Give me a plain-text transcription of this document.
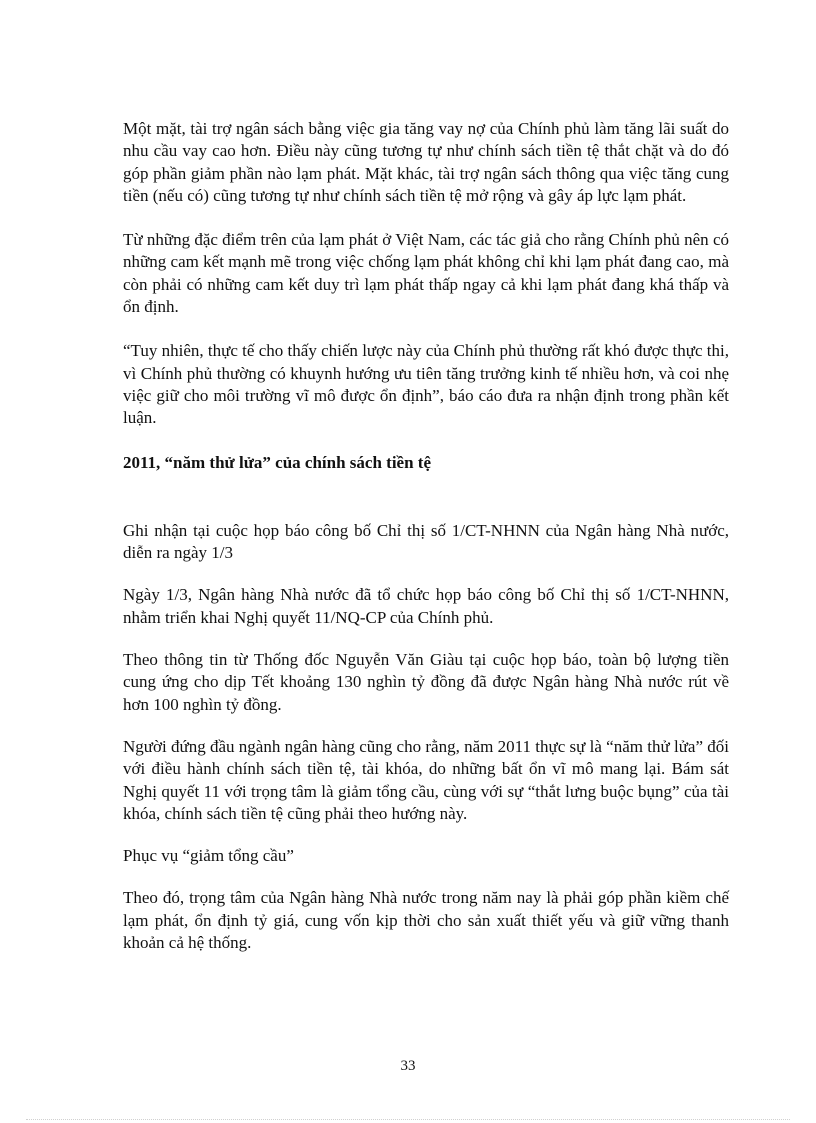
Một mặt, tài trợ ngân sách bằng việc gia tăng vay nợ của Chính phủ làm tăng lãi suất do nhu cầu vay cao hơn. Điều này cũng tương tự như chính sách tiền tệ thắt chặt và do đó góp phần giảm phần nào lạm phát. Mặt khác, tài trợ ngân sách thông qua việc tăng cung tiền (nếu có) cũng tương tự như chính sách tiền tệ mở rộng và gây áp lực lạm phát.

Từ những đặc điểm trên của lạm phát ở Việt Nam, các tác giả cho rằng Chính phủ nên có những cam kết mạnh mẽ trong việc chống lạm phát không chỉ khi lạm phát đang cao, mà còn phải có những cam kết duy trì lạm phát thấp ngay cả khi lạm phát đang khá thấp và ổn định.

“Tuy nhiên, thực tế cho thấy chiến lược này của Chính phủ thường rất khó được thực thi, vì Chính phủ thường có khuynh hướng ưu tiên tăng trưởng kinh tế nhiều hơn, và coi nhẹ việc giữ cho môi trường vĩ mô được ổn định”, báo cáo đưa ra nhận định trong phần kết luận.

2011, “năm thử lửa” của chính sách tiền tệ

Ghi nhận tại cuộc họp báo công bố Chỉ thị số 1/CT-NHNN của Ngân hàng Nhà nước, diễn ra ngày 1/3

Ngày 1/3, Ngân hàng Nhà nước đã tổ chức họp báo công bố Chỉ thị số 1/CT-NHNN, nhằm triển khai Nghị quyết 11/NQ-CP của Chính phủ.

Theo thông tin từ Thống đốc Nguyễn Văn Giàu tại cuộc họp báo, toàn bộ lượng tiền cung ứng cho dịp Tết khoảng 130 nghìn tỷ đồng đã được Ngân hàng Nhà nước rút về hơn 100 nghìn tỷ đồng.

Người đứng đầu ngành ngân hàng cũng cho rằng, năm 2011 thực sự là “năm thử lửa” đối với điều hành chính sách tiền tệ, tài khóa, do những bất ổn vĩ mô mang lại. Bám sát Nghị quyết 11 với trọng tâm là giảm tổng cầu, cùng với sự “thắt lưng buộc bụng” của tài khóa, chính sách tiền tệ cũng phải theo hướng này.

Phục vụ “giảm tổng cầu”

Theo đó, trọng tâm của Ngân hàng Nhà nước trong năm nay là phải góp phần kiềm chế lạm phát, ổn định tỷ giá, cung vốn kịp thời cho sản xuất thiết yếu và giữ vững thanh khoản cả hệ thống.

33
